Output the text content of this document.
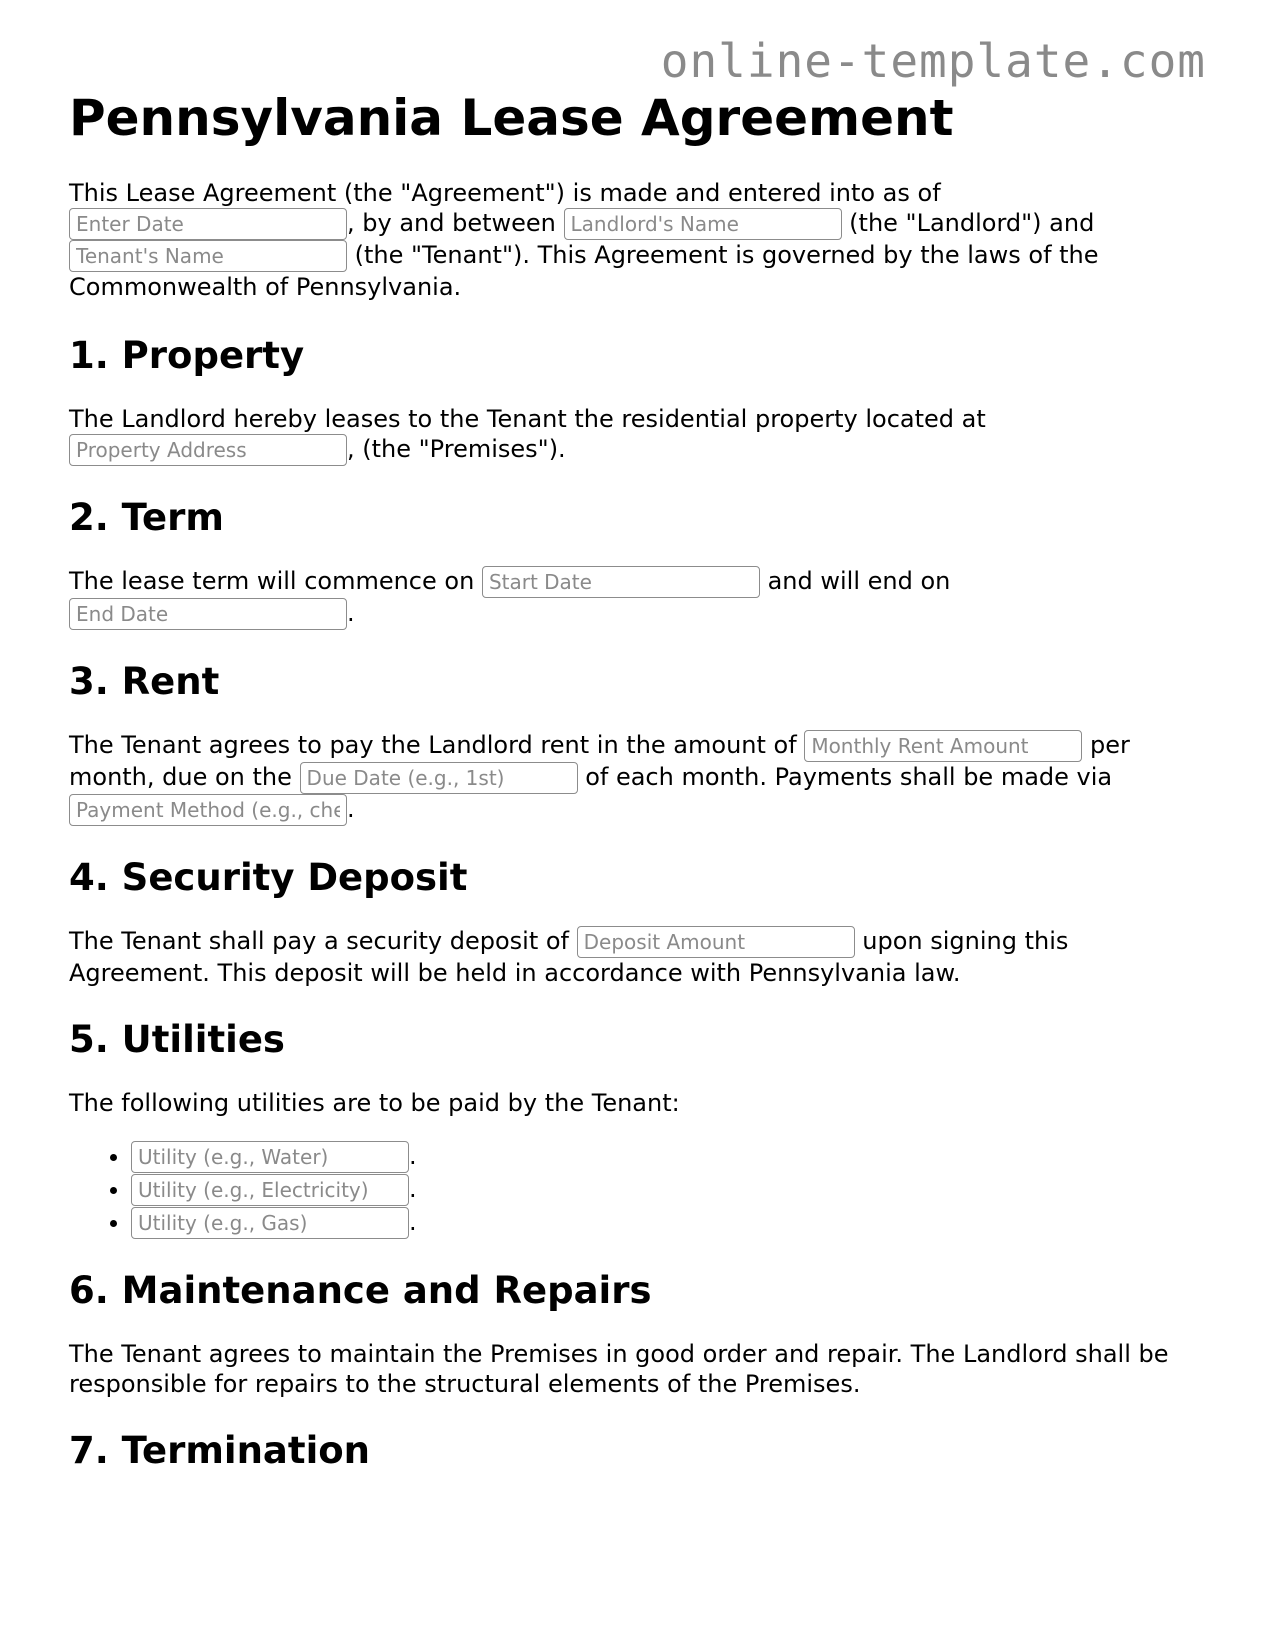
online-template.com
Pennsylvania Lease Agreement

This Lease Agreement (the "Agreement") is made and entered into as of Enter Date, by and between Landlord's Name	(the "Landlord") and Tenant's Name (the "Tenant"). This Agreement is governed by the laws of the Commonwealth of Pennsylvania.

1. Property

The Landlord hereby leases to the Tenant the residential property located at Property Address, (the "Premises").

2. Term

The lease term will commence on Start Date	and will end on End Date.

3. Rent

The Tenant agrees to pay the Landlord rent in the amount of Monthly Rent Amount	per month, due on the Due Date (e.g., 1st)	of each month. Payments shall be made via Payment Method (e.g., check).

4. Security Deposit

The Tenant shall pay a security deposit of Deposit Amount	upon signing this Agreement. This deposit will be held in accordance with Pennsylvania law.

5. Utilities

The following utilities are to be paid by the Tenant:

Utility (e.g., Water) • .
Utility (e.g., Electricity) • .
Utility (e.g., Gas) • .
6. Maintenance and Repairs

The Tenant agrees to maintain the Premises in good order and repair. The Landlord shall be responsible for repairs to the structural elements of the Premises.

7. Termination
